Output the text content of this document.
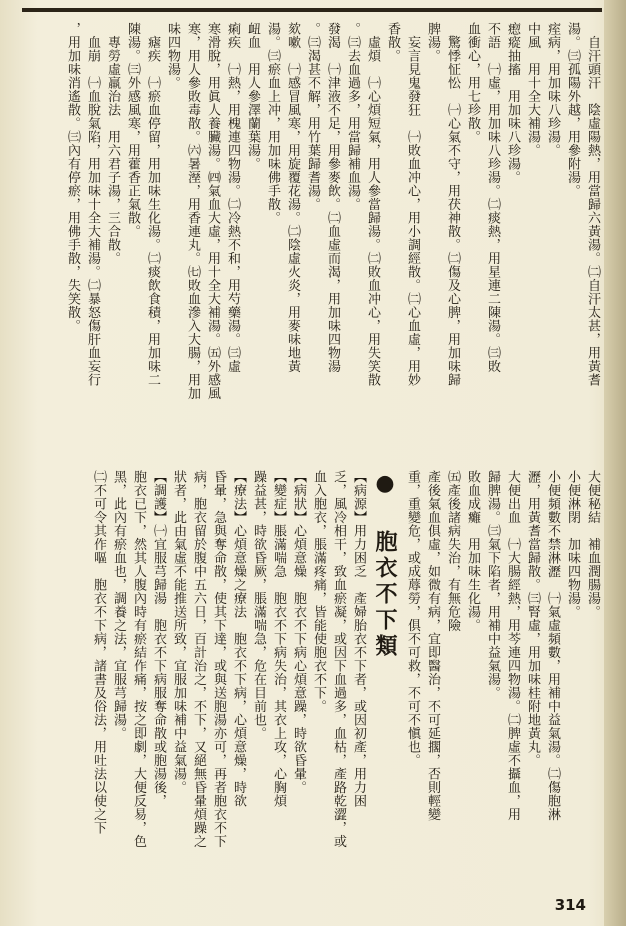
　自汗頭汗　陰虛陽熱，用當歸六黃湯。㈡自汗太甚，用黃耆
湯。㈢孤陽外越，用參附湯。
痓病，用加味八珍湯。
中風　用十全大補湯。
瘛瘲抽搐　用加味八珍湯。
不語　㈠虛，用加味八珍湯。㈡痰熱，用星連二陳湯。㈢敗
血衝心，用七珍散。
　驚悸怔忪　㈠心氣不守，用茯神散。㈡傷及心脾，用加味歸
脾湯。
　妄言見鬼發狂　㈠敗血冲心，用小調經散。㈡心血虛，用妙
香散。
　虛煩　㈠心煩短氣，用人參當歸湯。㈡敗血冲心，用失笑散
。㈢去血過多，用當歸補血湯。
發渴　㈠津液不足，用參麥飲。㈡血虛而渴，用加味四物湯
。㈢渴甚不解，用竹葉歸耆湯。
欬嗽　㈠感冒風寒，用旋覆花湯。㈡陰虛火炎，用麥味地黃
湯。㈢瘀血上冲，用加味佛手散。
衄血　用人參澤蘭葉湯。
痢疾　㈠熱，用槐連四物湯。㈡冷熱不和，用芍藥湯。㈢虛
寒滑脫，用眞人養臟湯。㈣氣血大虛，用十全大補湯。㈤外感風
寒，用人參敗毒散。㈥暑溼，用香連丸。㈦敗血滲入大腸，用加
味四物湯。
　瘧疾　㈠瘀血停留，用加味生化湯。㈡痰飲食積，用加味二
陳湯。㈢外感風寒，用藿香正氣散。
　專勞虛羸治法　用六君子湯，三合散。
　血崩　㈠血脫氣陷，用加味十全大補湯。㈡暴怒傷肝血妄行
，用加味消遙散。㈢內有停瘀，用佛手散，失笑散。
大便秘結　補血潤腸湯。
小便淋閉　加味四物湯。
小便頻數不禁淋瀝　㈠氣虛頻數，用補中益氣湯。㈡傷胞淋
瀝，用黃耆當歸散。㈢腎虛，用加味桂附地黃丸。
大便出血　㈠大腸經熱，用芩連四物湯。㈡脾虛不攝血，用
歸脾湯。㈢氣下陷者，用補中益氣湯。
敗血成癱　用加味生化湯。
㈤產後諸病失治，有無危險
產後氣血俱虛，如微有病，宜即醫治，不可延擱，否則輕變
重，重變危，或成蓐勞，俱不可救，不可不愼也。
● 胞衣不下類
【病源】用力困乏　產婦胎衣不下者，或因初產，用力困
乏，風冷相干，致血瘀凝，或因下血過多，血枯，產路乾澀，或
血入胞衣，脹滿疼痛，皆能使胞衣不下。
【病狀】心煩意燥　胞衣不下病心煩意躁，時欲昏暈。
【變症】脹滿喘急　胞衣不下病失治，其衣上攻，心胸煩
躁益甚，時欲昏厥，脹滿喘急，危在目前也。
【療法】心煩意燥之療法　胞衣不下病，心煩意燥，時欲
昏暈，急與奪命散，使其下達，或與送胞湯亦可，再者胞衣不下
病，胞衣留於腹中五六日，百計治之，不下，又絕無昏暈煩躁之
狀者，此由氣虛不能推送所致，宜服加味補中益氣湯。
【調護】㈠宜服芎歸湯　胞衣不下病服奪命散或胞湯後，
胞衣已下，然其人腹內時有瘀結作痛，按之即劇，大便反易，色
黑，此內有瘀血也，調養之法，宜服芎歸湯。
㈡不可令其作嘔　胞衣不下病，諸書及俗法，用吐法以使之下
314
